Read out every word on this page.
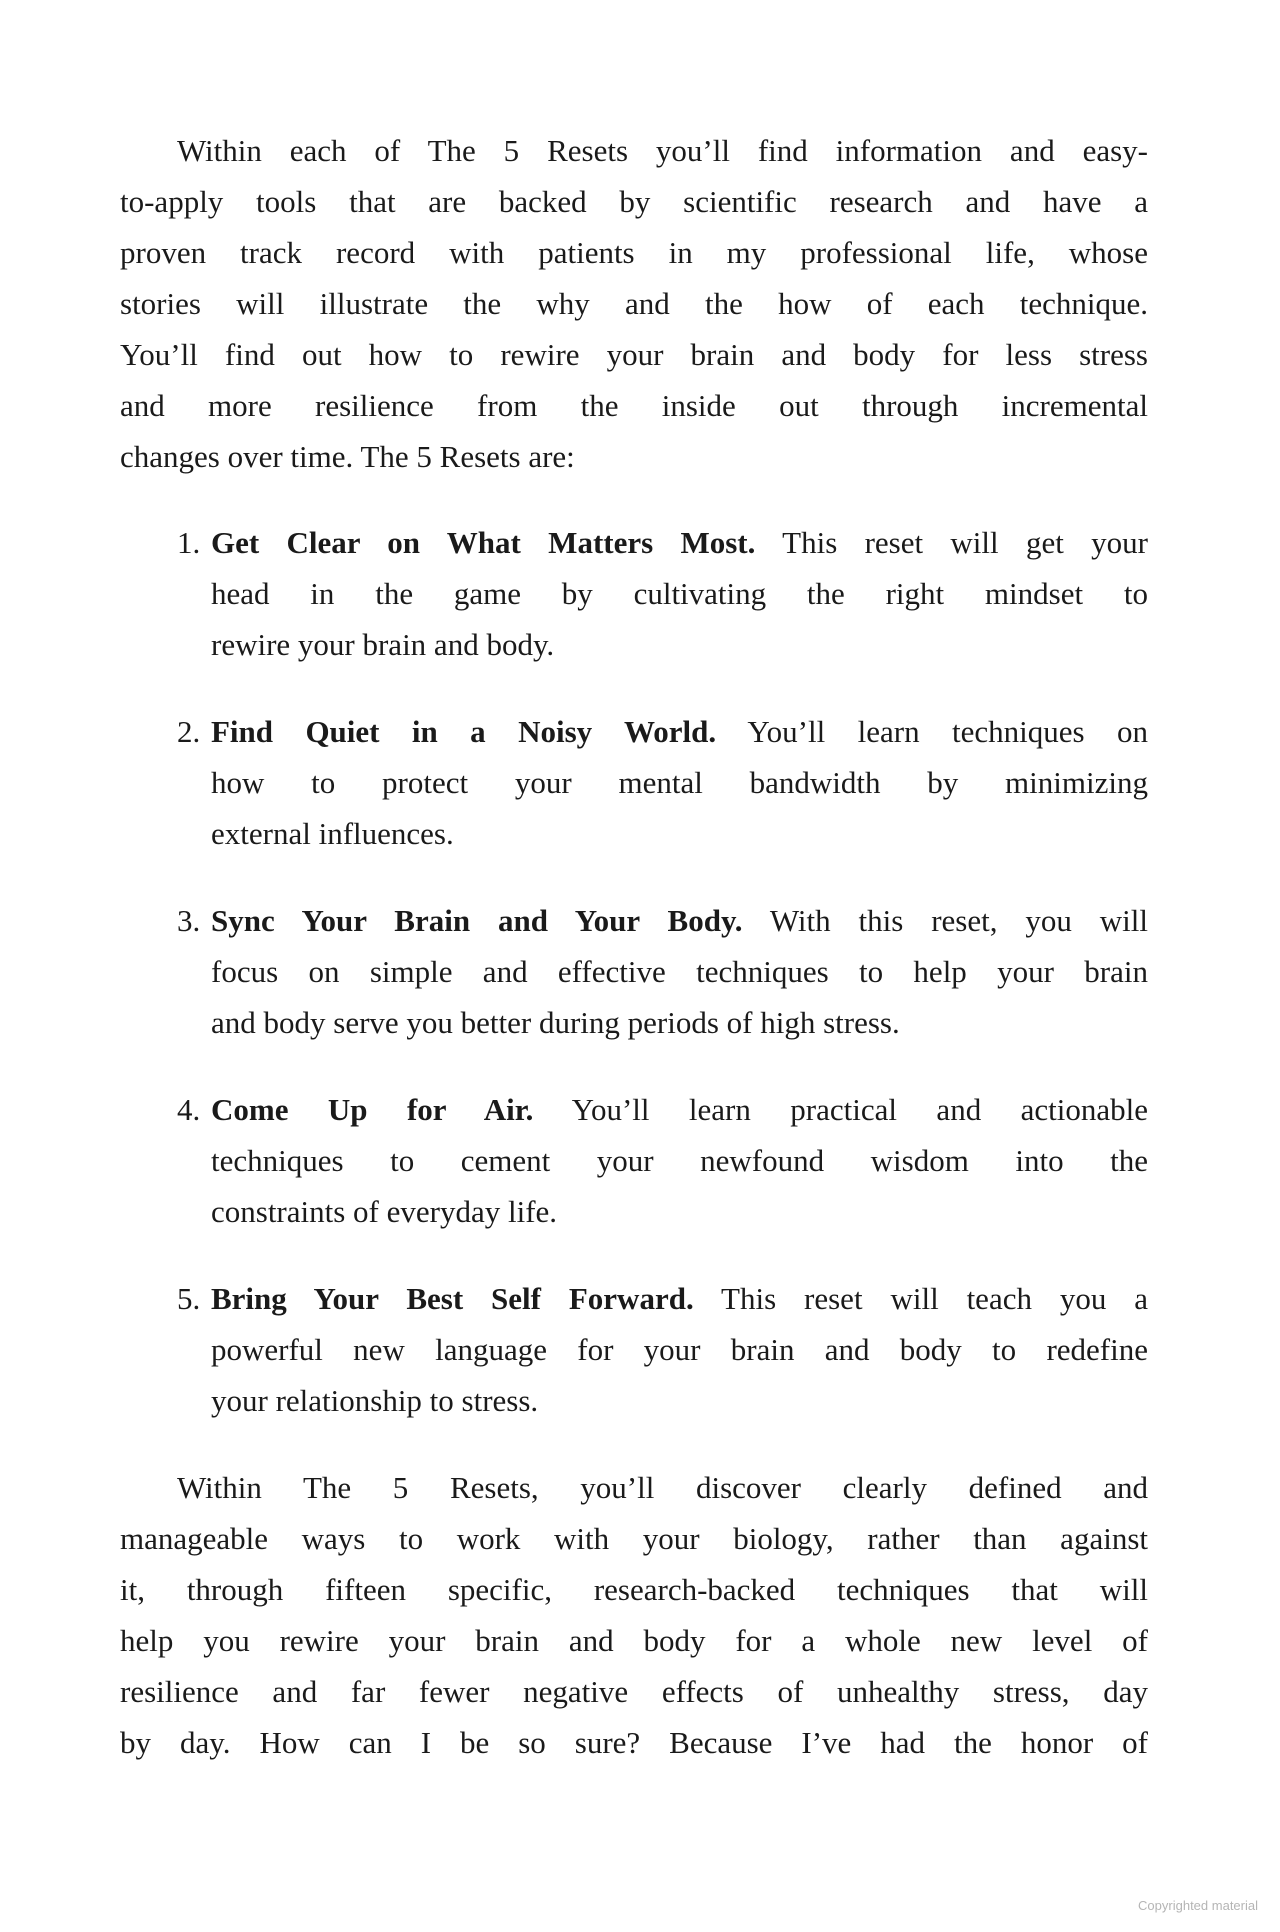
Within each of The 5 Resets you’ll find information and easy-
to-apply tools that are backed by scientific research and have a
proven track record with patients in my professional life, whose
stories will illustrate the why and the how of each technique.
You’ll find out how to rewire your brain and body for less stress
and more resilience from the inside out through incremental
changes over time. The 5 Resets are:
1. Get Clear on What Matters Most. This reset will get your
head in the game by cultivating the right mindset to
rewire your brain and body.
2. Find Quiet in a Noisy World. You’ll learn techniques on
how to protect your mental bandwidth by minimizing
external influences.
3. Sync Your Brain and Your Body. With this reset, you will
focus on simple and effective techniques to help your brain
and body serve you better during periods of high stress.
4. Come Up for Air. You’ll learn practical and actionable
techniques to cement your newfound wisdom into the
constraints of everyday life.
5. Bring Your Best Self Forward. This reset will teach you a
powerful new language for your brain and body to redefine
your relationship to stress.
Within The 5 Resets, you’ll discover clearly defined and
manageable ways to work with your biology, rather than against
it, through fifteen specific, research-backed techniques that will
help you rewire your brain and body for a whole new level of
resilience and far fewer negative effects of unhealthy stress, day
by day. How can I be so sure? Because I’ve had the honor of
Copyrighted material
